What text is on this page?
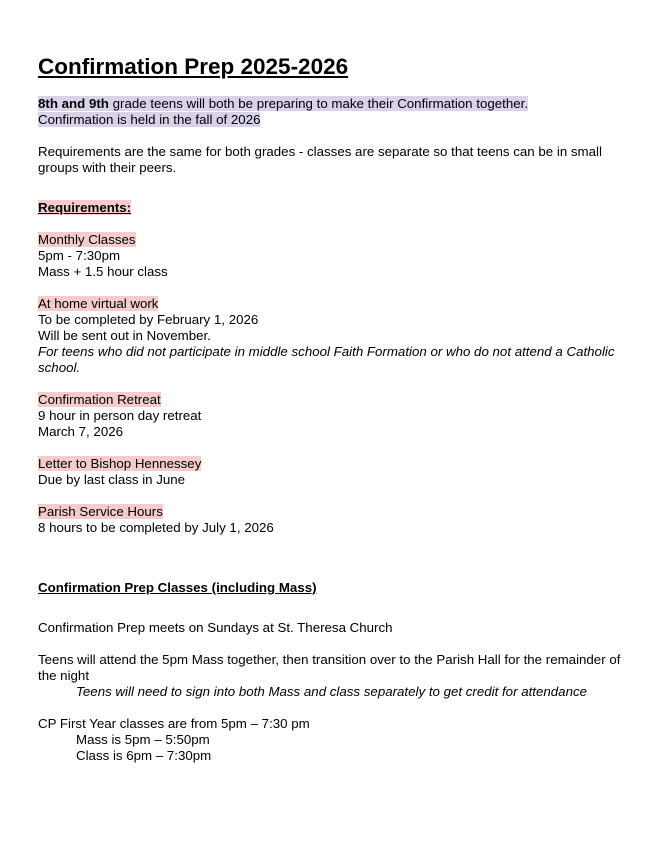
Confirmation Prep 2025-2026
8th and 9th grade teens will both be preparing to make their Confirmation together.
Confirmation is held in the fall of 2026
Requirements are the same for both grades - classes are separate so that teens can be in small groups with their peers.
Requirements:
Monthly Classes
5pm - 7:30pm
Mass + 1.5 hour class
At home virtual work
To be completed by February 1, 2026
Will be sent out in November.
For teens who did not participate in middle school Faith Formation or who do not attend a Catholic school.
Confirmation Retreat
9 hour in person day retreat
March 7, 2026
Letter to Bishop Hennessey
Due by last class in June
Parish Service Hours
8 hours to be completed by July 1, 2026
Confirmation Prep Classes (including Mass)
Confirmation Prep meets on Sundays at St. Theresa Church
Teens will attend the 5pm Mass together, then transition over to the Parish Hall for the remainder of the night
Teens will need to sign into both Mass and class separately to get credit for attendance
CP First Year classes are from 5pm – 7:30 pm
Mass is 5pm – 5:50pm
Class is 6pm – 7:30pm
